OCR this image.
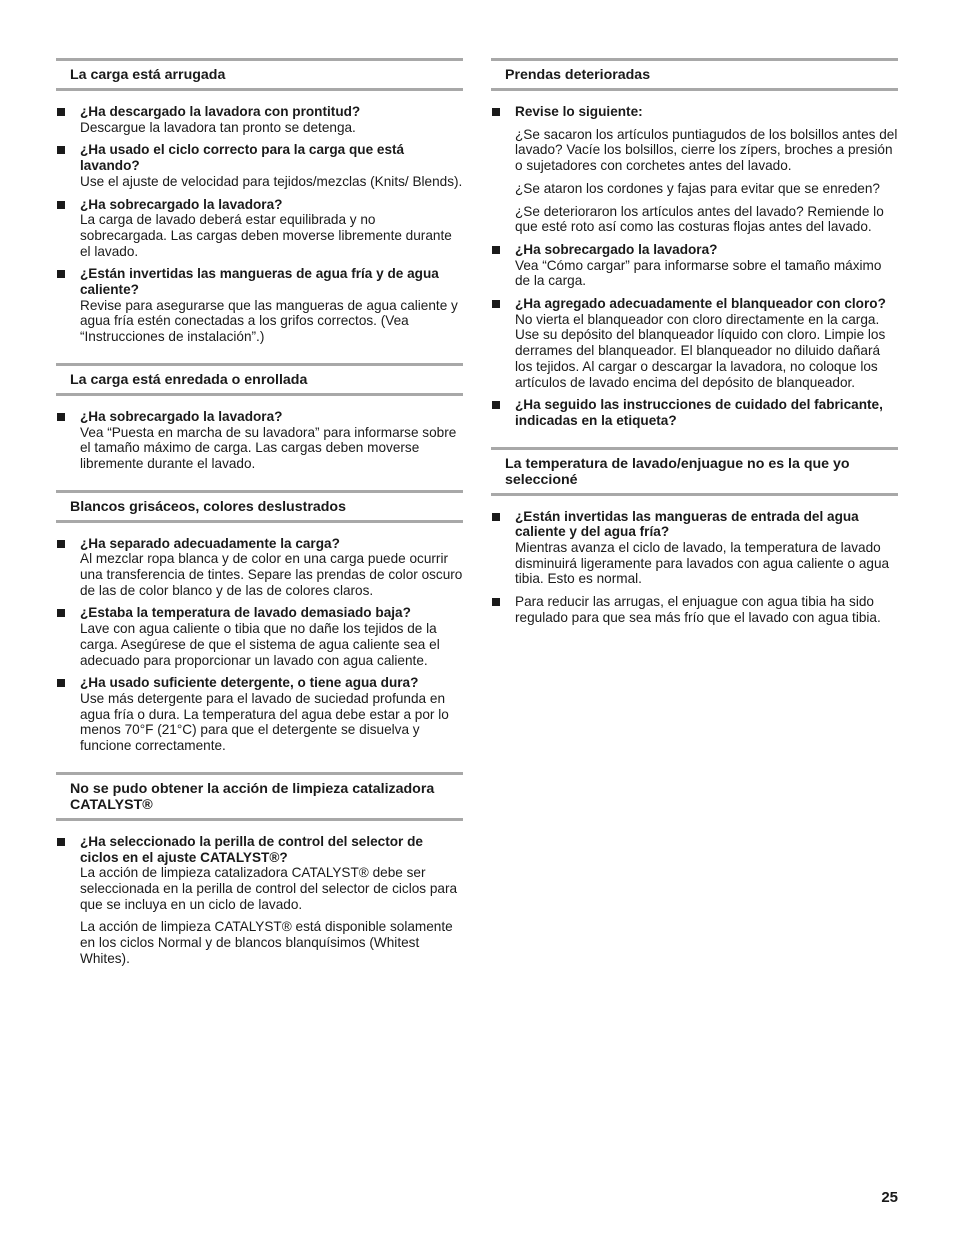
La carga está arrugada
¿Ha descargado la lavadora con prontitud?
Descargue la lavadora tan pronto se detenga.
¿Ha usado el ciclo correcto para la carga que está lavando?
Use el ajuste de velocidad para tejidos/mezclas (Knits/ Blends).
¿Ha sobrecargado la lavadora?
La carga de lavado deberá estar equilibrada y no sobrecargada. Las cargas deben moverse libremente durante el lavado.
¿Están invertidas las mangueras de agua fría y de agua caliente?
Revise para asegurarse que las mangueras de agua caliente y agua fría estén conectadas a los grifos correctos. (Vea “Instrucciones de instalación”.)
La carga está enredada o enrollada
¿Ha sobrecargado la lavadora?
Vea “Puesta en marcha de su lavadora” para informarse sobre el tamaño máximo de carga. Las cargas deben moverse libremente durante el lavado.
Blancos grisáceos, colores deslustrados
¿Ha separado adecuadamente la carga?
Al mezclar ropa blanca y de color en una carga puede ocurrir una transferencia de tintes. Separe las prendas de color oscuro de las de color blanco y de las de colores claros.
¿Estaba la temperatura de lavado demasiado baja?
Lave con agua caliente o tibia que no dañe los tejidos de la carga. Asegúrese de que el sistema de agua caliente sea el adecuado para proporcionar un lavado con agua caliente.
¿Ha usado suficiente detergente, o tiene agua dura?
Use más detergente para el lavado de suciedad profunda en agua fría o dura. La temperatura del agua debe estar a por lo menos 70°F (21°C) para que el detergente se disuelva y funcione correctamente.
No se pudo obtener la acción de limpieza catalizadora CATALYST®
¿Ha seleccionado la perilla de control del selector de ciclos en el ajuste CATALYST®?
La acción de limpieza catalizadora CATALYST® debe ser seleccionada en la perilla de control del selector de ciclos para que se incluya en un ciclo de lavado.
La acción de limpieza CATALYST® está disponible solamente en los ciclos Normal y de blancos blanquísimos (Whitest Whites).
Prendas deterioradas
Revise lo siguiente:
¿Se sacaron los artículos puntiagudos de los bolsillos antes del lavado? Vacíe los bolsillos, cierre los zípers, broches a presión o sujetadores con corchetes antes del lavado.
¿Se ataron los cordones y fajas para evitar que se enreden?
¿Se deterioraron los artículos antes del lavado? Remiende lo que esté roto así como las costuras flojas antes del lavado.
¿Ha sobrecargado la lavadora?
Vea “Cómo cargar” para informarse sobre el tamaño máximo de la carga.
¿Ha agregado adecuadamente el blanqueador con cloro?
No vierta el blanqueador con cloro directamente en la carga. Use su depósito del blanqueador líquido con cloro. Limpie los derrames del blanqueador. El blanqueador no diluido dañará los tejidos. Al cargar o descargar la lavadora, no coloque los artículos de lavado encima del depósito de blanqueador.
¿Ha seguido las instrucciones de cuidado del fabricante, indicadas en la etiqueta?
La temperatura de lavado/enjuague no es la que yo seleccioné
¿Están invertidas las mangueras de entrada del agua caliente y del agua fría?
Mientras avanza el ciclo de lavado, la temperatura de lavado disminuirá ligeramente para lavados con agua caliente o agua tibia. Esto es normal.
Para reducir las arrugas, el enjuague con agua tibia ha sido regulado para que sea más frío que el lavado con agua tibia.
25
